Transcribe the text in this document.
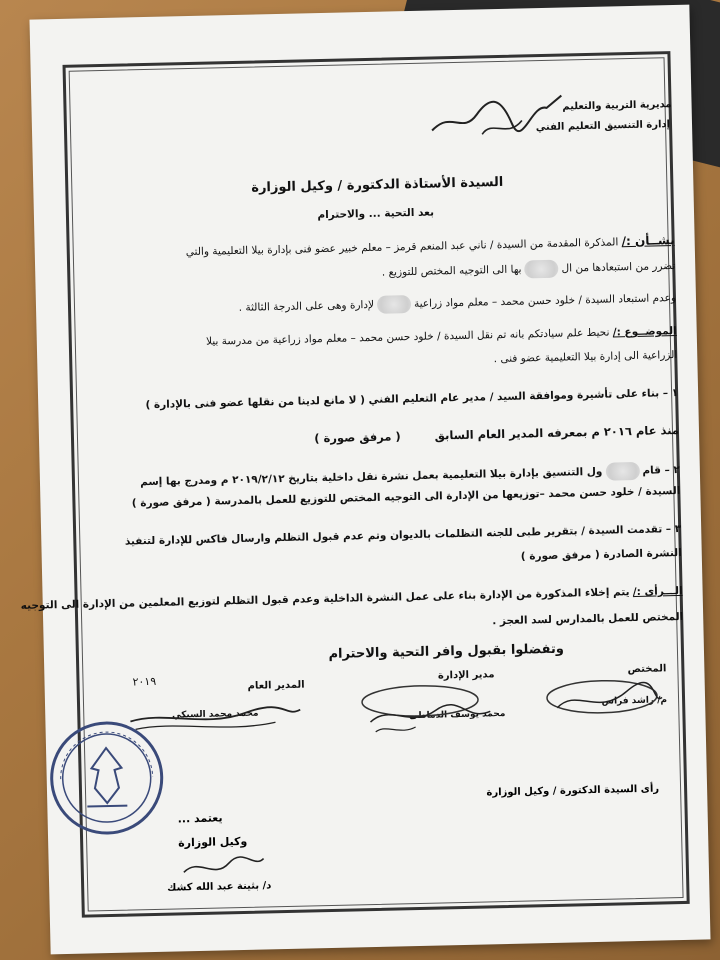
مديرية التربية والتعليم
إدارة التنسيق التعليم الفني
السيدة الأستاذة الدكتورة / وكيل الوزارة
بعد التحية ... والاحترام
بشــأن :/ المذكرة المقدمة من السيدة / ناني عبد المنعم قرمز – معلم خبير عضو فنى بإدارة بيلا التعليمية والتي
تضرر من استبعادها من البها الى التوجيه المختص للتوزيع .
وعدم استبعاد السيدة / خلود حسن محمد – معلم مواد زراعيةلإدارة وهى على الدرجة الثالثة .
الموضــوع :/ نحيط علم سيادتكم بانه تم نقل السيدة / خلود حسن محمد – معلم مواد زراعية من مدرسة بيلا
الزراعية الى إدارة بيلا التعليمية عضو فنى .
١ – بناء على تأشيرة وموافقة السيد / مدير عام التعليم الفني ( لا مانع لدينا من نقلها عضو فنى بالإدارة )
منذ عام ٢٠١٦ م بمعرفه المدير العام السابق ( مرفق صورة )
٢ – قامول التنسيق بإدارة بيلا التعليمية بعمل نشرة نقل داخلية بتاريخ ٢٠١٩/٢/١٢ م ومدرج بها إسم
السيدة / خلود حسن محمد –توزيعها من الإدارة الى التوجيه المختص للتوزيع للعمل بالمدرسة ( مرفق صورة )
٣ – تقدمت السيدة / بتقرير طبى للجنه التظلمات بالديوان وتم عدم قبول التظلم وارسال فاكس للإدارة لتنفيذ
النشرة الصادرة ( مرفق صورة )
الـــرأى :/ يتم إخلاء المذكورة من الإدارة بناء على عمل النشرة الداخلية وعدم قبول التظلم لتوزيع المعلمين من الإدارة الى التوجيه
المختص للعمل بالمدارس لسد العجز .
وتفضلوا بقبول وافر التحية والاحترام
المختص
م/ راشد فراس
مدير الإدارة
محمد يوسف الدماطى
المدير العام
٢٠١٩
محمد محمد السبكي
رأى السيدة الدكتورة / وكيل الوزارة
يعتمد ...
وكيل الوزارة
د/ بثينة عبد الله كشك
